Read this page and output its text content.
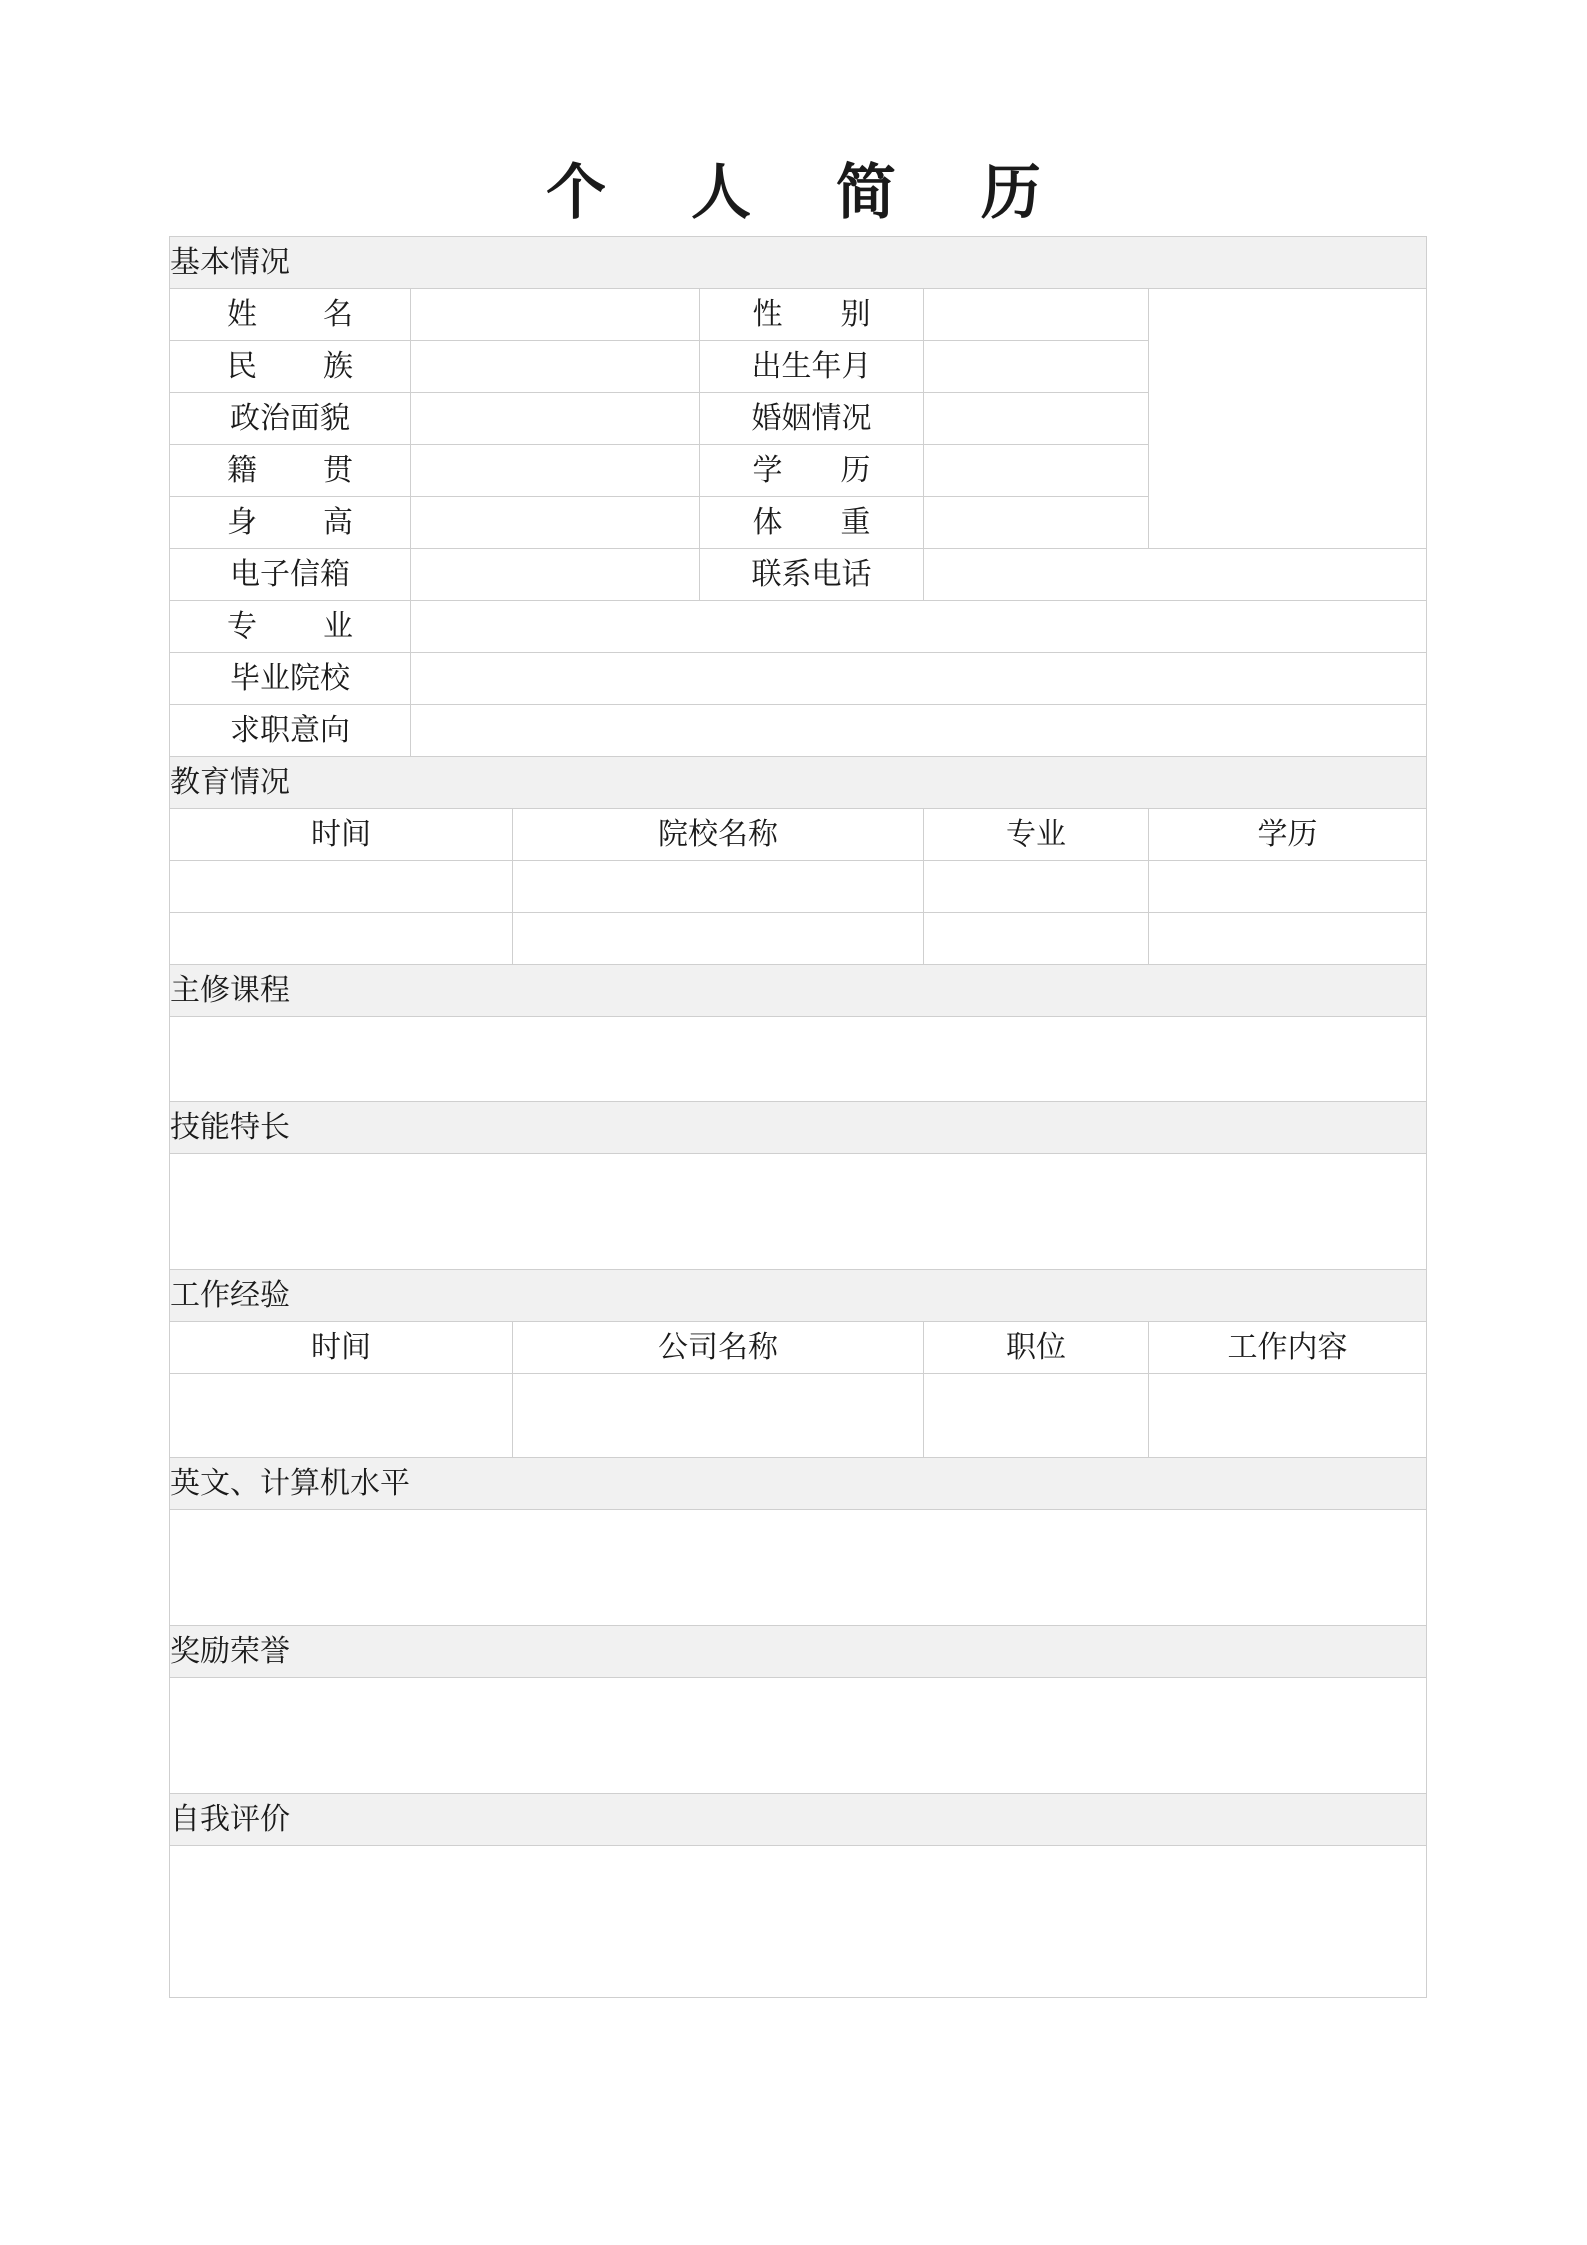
个 人 简 历
基本情况					
姓名			性别		
民族			出生年月		
政治面貌			婚姻情况		
籍贯			学历		
身高			体重		
电子信箱			联系电话		
专业					
毕业院校					
求职意向					
教育情况					
时间		院校名称		专业	学历

主修课程					

技能特长					

工作经验					
时间		公司名称		职位	工作内容

英文、计算机水平					

奖励荣誉					

自我评价					
